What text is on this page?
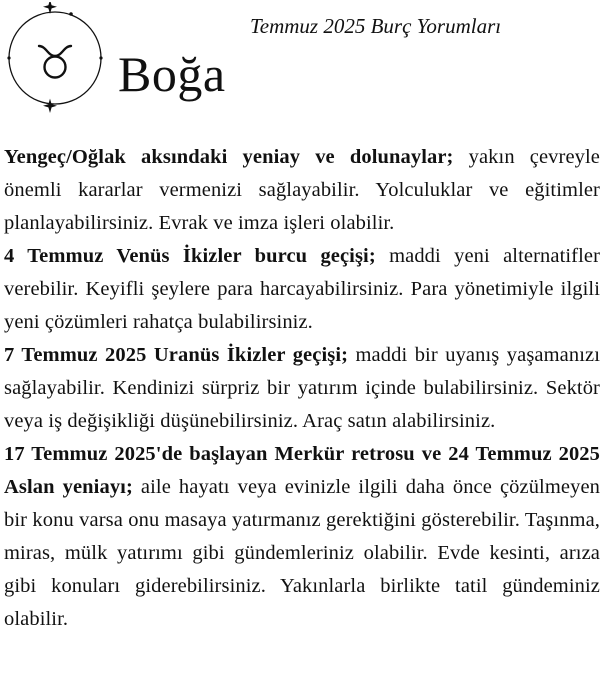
Temmuz 2025 Burç Yorumları
Boğa

Yengeç/Oğlak aksındaki yeniay ve dolunaylar; yakın çevreyle önemli kararlar vermenizi sağlayabilir. Yolculuklar ve eğitimler planlayabilirsiniz. Evrak ve imza işleri olabilir.

4 Temmuz Venüs İkizler burcu geçişi; maddi yeni alternatifler verebilir. Keyifli şeylere para harcayabilirsiniz. Para yönetimiyle ilgili yeni çözümleri rahatça bulabilirsiniz.

7 Temmuz 2025 Uranüs İkizler geçişi; maddi bir uyanış yaşamanızı sağlayabilir. Kendinizi sürpriz bir yatırım içinde bulabilirsiniz. Sektör veya iş değişikliği düşünebilirsiniz. Araç satın alabilirsiniz.

17 Temmuz 2025'de başlayan Merkür retrosu ve 24 Temmuz 2025 Aslan yeniayı; aile hayatı veya evinizle ilgili daha önce çözülmeyen bir konu varsa onu masaya yatırmanız gerektiğini gösterebilir. Taşınma, miras, mülk yatırımı gibi gündemleriniz olabilir. Evde kesinti, arıza gibi konuları giderebilirsiniz. Yakınlarla birlikte tatil gündeminiz olabilir.
